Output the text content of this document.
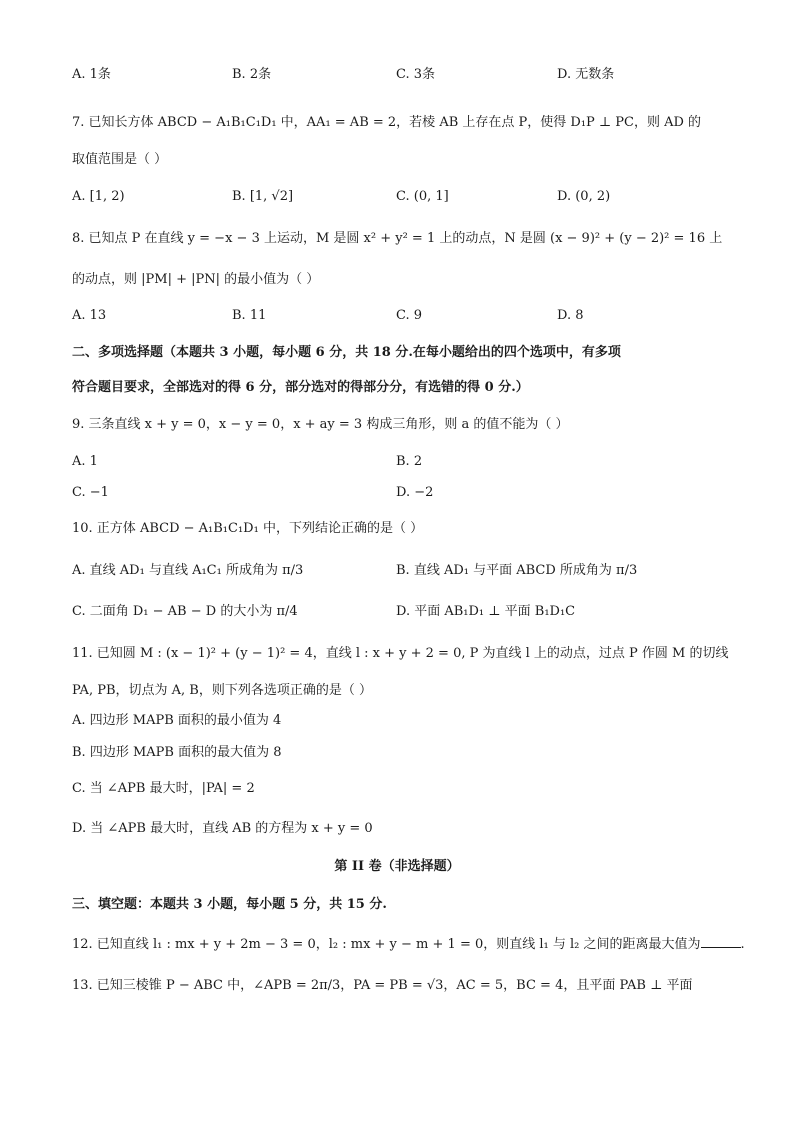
A. 1条	B. 2条	C. 3条	D. 无数条
7. 已知长方体 ABCD − A₁B₁C₁D₁ 中，AA₁ = AB = 2，若棱 AB 上存在点 P，使得 D₁P ⊥ PC，则 AD 的
取值范围是（ ）
A. [1, 2)	B. [1, √2]	C. (0, 1]	D. (0, 2)
8. 已知点 P 在直线 y = −x − 3 上运动，M 是圆 x² + y² = 1 上的动点，N 是圆 (x − 9)² + (y − 2)² = 16 上
的动点，则 |PM| + |PN| 的最小值为（ ）
A. 13	B. 11	C. 9	D. 8
二、多项选择题（本题共 3 小题，每小题 6 分，共 18 分.在每小题给出的四个选项中，有多项
符合题目要求，全部选对的得 6 分，部分选对的得部分分，有选错的得 0 分.）
9. 三条直线 x + y = 0，x − y = 0，x + ay = 3 构成三角形，则 a 的值不能为（ ）
A. 1	B. 2
C. −1	D. −2
10. 正方体 ABCD − A₁B₁C₁D₁ 中，下列结论正确的是（ ）
A. 直线 AD₁ 与直线 A₁C₁ 所成角为 π/3	B. 直线 AD₁ 与平面 ABCD 所成角为 π/3
C. 二面角 D₁ − AB − D 的大小为 π/4	D. 平面 AB₁D₁ ⊥ 平面 B₁D₁C
11. 已知圆 M : (x − 1)² + (y − 1)² = 4，直线 l : x + y + 2 = 0, P 为直线 l 上的动点，过点 P 作圆 M 的切线
PA, PB，切点为 A, B，则下列各选项正确的是（ ）
A. 四边形 MAPB 面积的最小值为 4
B. 四边形 MAPB 面积的最大值为 8
C. 当 ∠APB 最大时，|PA| = 2
D. 当 ∠APB 最大时，直线 AB 的方程为 x + y = 0
第 II 卷（非选择题）
三、填空题：本题共 3 小题，每小题 5 分，共 15 分.
12. 已知直线 l₁ : mx + y + 2m − 3 = 0，l₂ : mx + y − m + 1 = 0，则直线 l₁ 与 l₂ 之间的距离最大值为	.
13. 已知三棱锥 P − ABC 中，∠APB = 2π/3，PA = PB = √3，AC = 5，BC = 4，且平面 PAB ⊥ 平面
